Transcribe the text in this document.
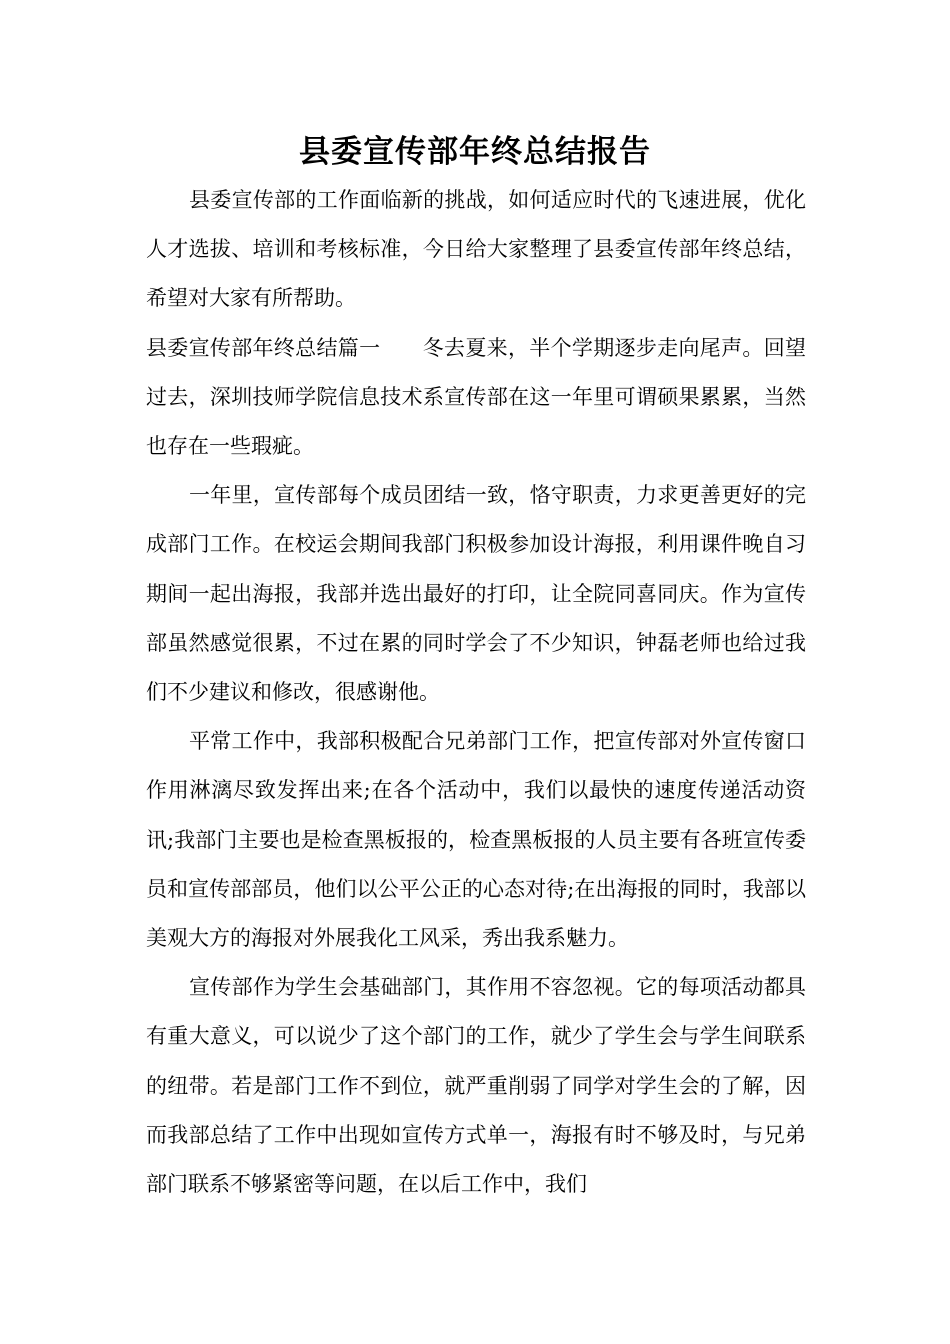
县委宣传部年终总结报告

县委宣传部的工作面临新的挑战，如何适应时代的飞速进展，优化人才选拔、培训和考核标准，今日给大家整理了县委宣传部年终总结，希望对大家有所帮助。

县委宣传部年终总结篇一 冬去夏来，半个学期逐步走向尾声。回望过去，深圳技师学院信息技术系宣传部在这一年里可谓硕果累累，当然也存在一些瑕疵。

一年里，宣传部每个成员团结一致，恪守职责，力求更善更好的完成部门工作。在校运会期间我部门积极参加设计海报，利用课件晚自习期间一起出海报，我部并选出最好的打印，让全院同喜同庆。作为宣传部虽然感觉很累，不过在累的同时学会了不少知识，钟磊老师也给过我们不少建议和修改，很感谢他。

平常工作中，我部积极配合兄弟部门工作，把宣传部对外宣传窗口作用淋漓尽致发挥出来;在各个活动中，我们以最快的速度传递活动资讯;我部门主要也是检查黑板报的，检查黑板报的人员主要有各班宣传委员和宣传部部员，他们以公平公正的心态对待;在出海报的同时，我部以美观大方的海报对外展我化工风采，秀出我系魅力。

宣传部作为学生会基础部门，其作用不容忽视。它的每项活动都具有重大意义，可以说少了这个部门的工作，就少了学生会与学生间联系的纽带。若是部门工作不到位，就严重削弱了同学对学生会的了解，因而我部总结了工作中出现如宣传方式单一，海报有时不够及时，与兄弟部门联系不够紧密等问题，在以后工作中，我们
